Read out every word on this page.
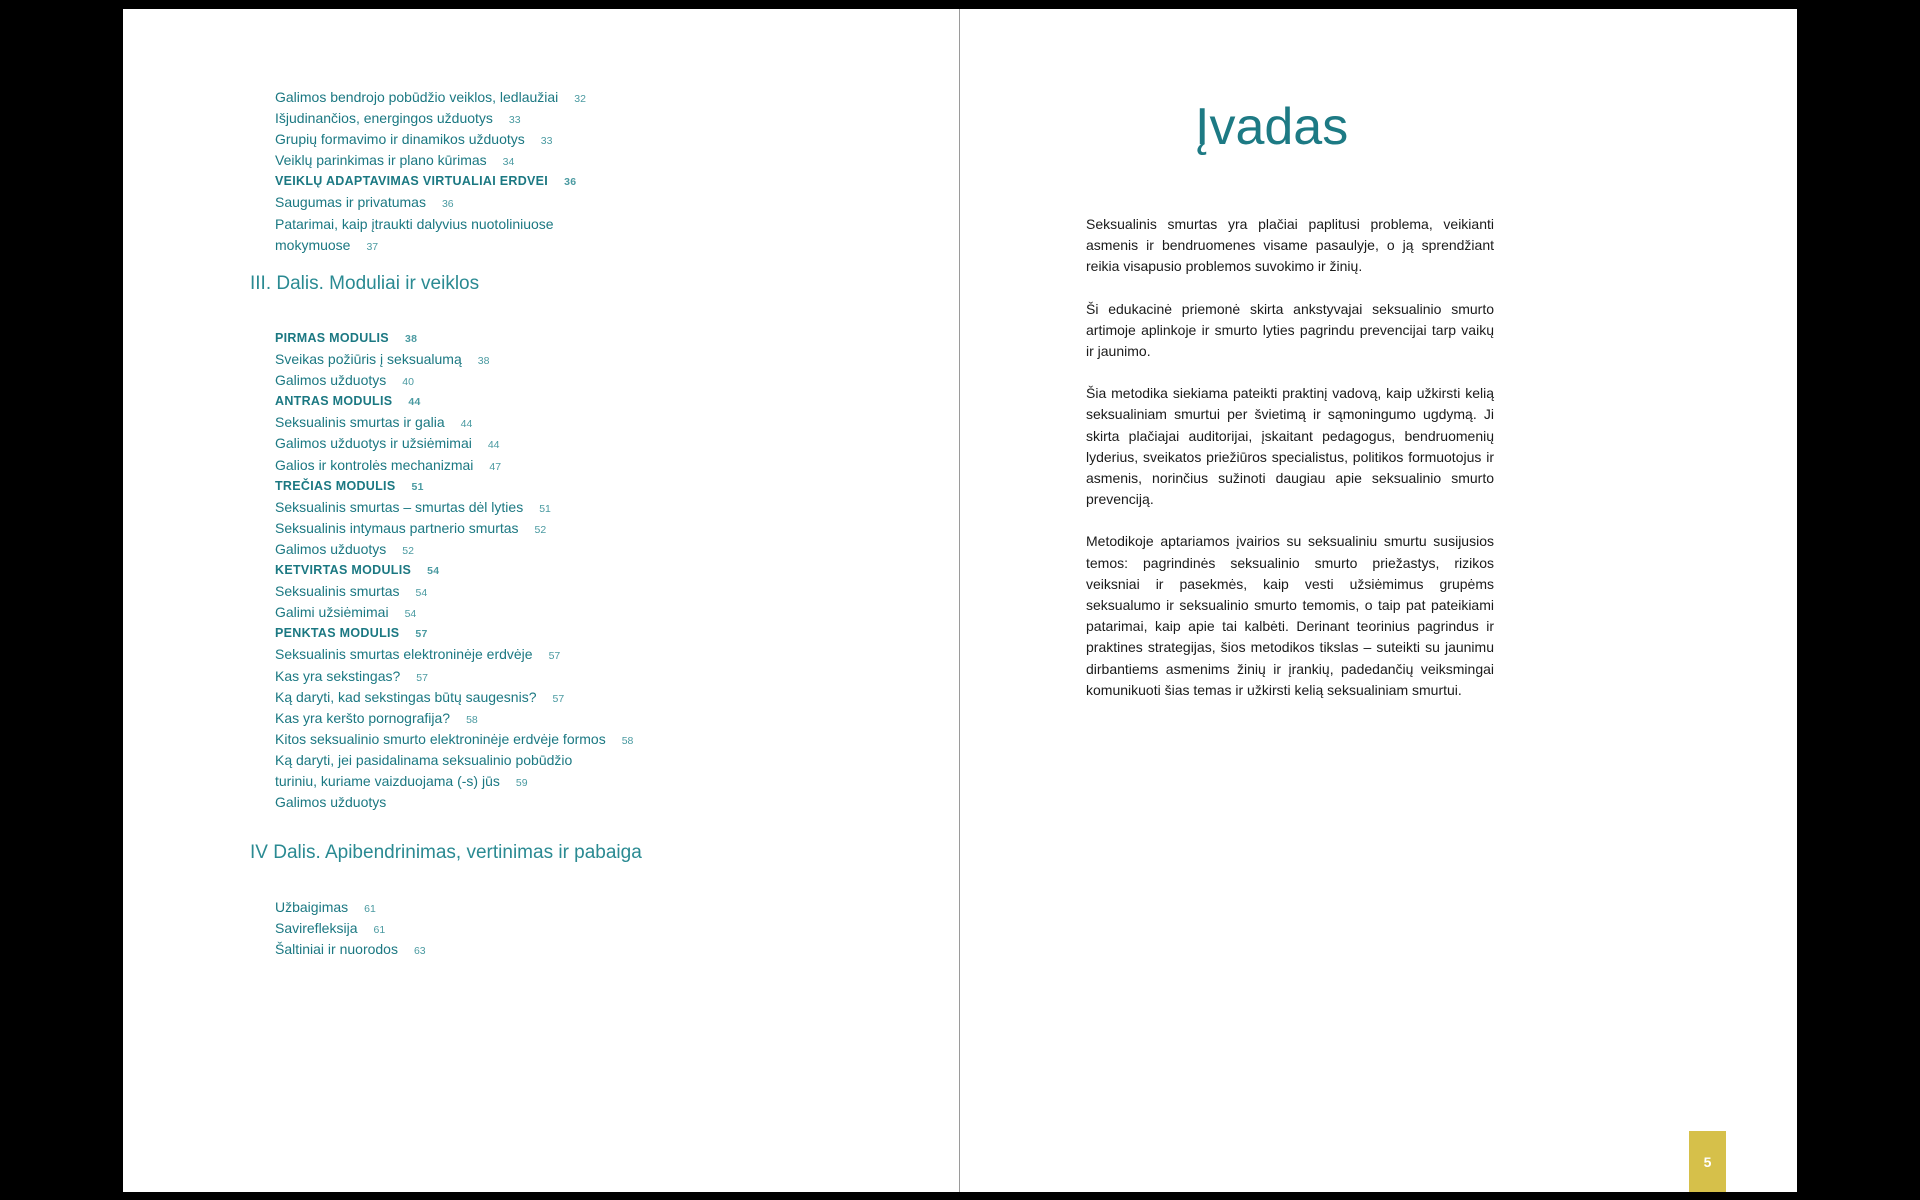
Galimos bendrojo pobūdžio veiklos, ledlaužiai 32
Išjudinančios, energingos užduotys 33
Grupių formavimo ir dinamikos užduotys 33
Veiklų parinkimas ir plano kūrimas 34
VEIKLŲ ADAPTAVIMAS VIRTUALIAI ERDVEI 36
Saugumas ir privatumas 36
Patarimai, kaip įtraukti dalyvius nuotoliniuose
mokymuose 37
III. Dalis. Moduliai ir veiklos
PIRMAS MODULIS 38
Sveikas požiūris į seksualumą 38
Galimos užduotys 40
ANTRAS MODULIS 44
Seksualinis smurtas ir galia 44
Galimos užduotys ir užsiėmimai 44
Galios ir kontrolės mechanizmai 47
TREČIAS MODULIS 51
Seksualinis smurtas – smurtas dėl lyties 51
Seksualinis intymaus partnerio smurtas 52
Galimos užduotys 52
KETVIRTAS MODULIS 54
Seksualinis smurtas 54
Galimi užsiėmimai 54
PENKTAS MODULIS 57
Seksualinis smurtas elektroninėje erdvėje 57
Kas yra sekstingas? 57
Ką daryti, kad sekstingas būtų saugesnis? 57
Kas yra keršto pornografija? 58
Kitos seksualinio smurto elektroninėje erdvėje formos 58
Ką daryti, jei pasidalinama seksualinio pobūdžio
turiniu, kuriame vaizduojama (-s) jūs 59
Galimos užduotys
IV Dalis. Apibendrinimas, vertinimas ir pabaiga
Užbaigimas 61
Savirefleksija 61
Šaltiniai ir nuorodos 63
Įvadas

Seksualinis smurtas yra plačiai paplitusi problema, veikianti asmenis ir bendruomenes visame pasaulyje, o ją sprendžiant reikia visapusio problemos suvokimo ir žinių.

Ši edukacinė priemonė skirta ankstyvajai seksualinio smurto artimoje aplinkoje ir smurto lyties pagrindu prevencijai tarp vaikų ir jaunimo.

Šia metodika siekiama pateikti praktinį vadovą, kaip užkirsti kelią seksualiniam smurtui per švietimą ir sąmoningumo ugdymą. Ji skirta plačiajai auditorijai, įskaitant pedagogus, bendruomenių lyderius, sveikatos priežiūros specialistus, politikos formuotojus ir asmenis, norinčius sužinoti daugiau apie seksualinio smurto prevenciją.

Metodikoje aptariamos įvairios su seksualiniu smurtu susijusios temos: pagrindinės seksualinio smurto priežastys, rizikos veiksniai ir pasekmės, kaip vesti užsiėmimus grupėms seksualumo ir seksualinio smurto temomis, o taip pat pateikiami patarimai, kaip apie tai kalbėti. Derinant teorinius pagrindus ir praktines strategijas, šios metodikos tikslas – suteikti su jaunimu dirbantiems asmenims žinių ir įrankių, padedančių veiksmingai komunikuoti šias temas ir užkirsti kelią seksualiniam smurtui.

5
